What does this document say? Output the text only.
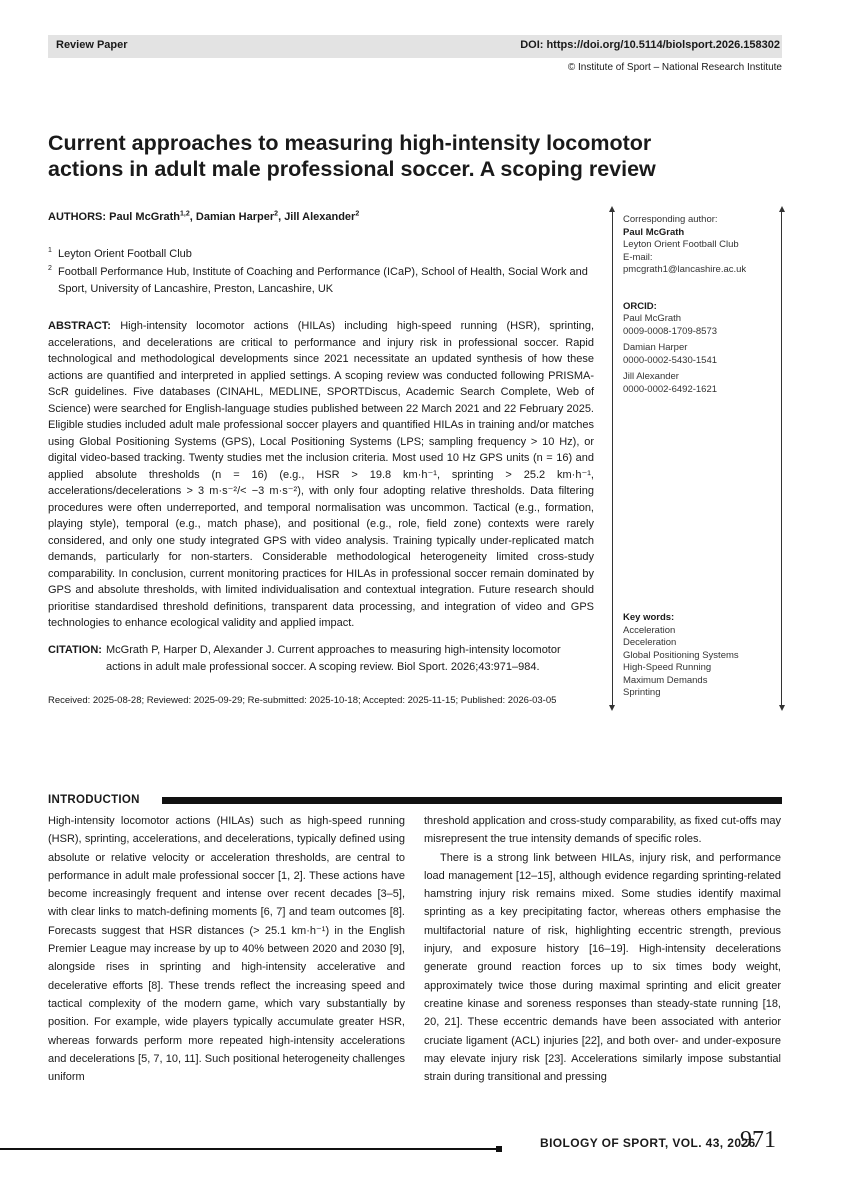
Review Paper	DOI: https://doi.org/10.5114/biolsport.2026.158302
© Institute of Sport – National Research Institute
Current approaches to measuring high-intensity locomotor
actions in adult male professional soccer. A scoping review
AUTHORS: Paul McGrath$^{1,2}$, Damian Harper$^2$, Jill Alexander$^2$
1 Leyton Orient Football Club
2 Football Performance Hub, Institute of Coaching and Performance (ICaP), School of Health, Social Work and Sport, University of Lancashire, Preston, Lancashire, UK
ABSTRACT: High-intensity locomotor actions (HILAs) including high-speed running (HSR), sprinting, accelerations, and decelerations are critical to performance and injury risk in professional soccer. Rapid technological and methodological developments since 2021 necessitate an updated synthesis of how these actions are quantified and interpreted in applied settings. A scoping review was conducted following PRISMA-ScR guidelines. Five databases (CINAHL, MEDLINE, SPORTDiscus, Academic Search Complete, Web of Science) were searched for English-language studies published between 22 March 2021 and 22 February 2025. Eligible studies included adult male professional soccer players and quantified HILAs in training and/or matches using Global Positioning Systems (GPS), Local Positioning Systems (LPS; sampling frequency > 10 Hz), or digital video-based tracking. Twenty studies met the inclusion criteria. Most used 10 Hz GPS units (n = 16) and applied absolute thresholds (n = 16) (e.g., HSR > 19.8 km·h⁻¹, sprinting > 25.2 km·h⁻¹, accelerations/decelerations > 3 m·s⁻²/< −3 m·s⁻²), with only four adopting relative thresholds. Data filtering procedures were often underreported, and temporal normalisation was uncommon. Tactical (e.g., formation, playing style), temporal (e.g., match phase), and positional (e.g., role, field zone) contexts were rarely considered, and only one study integrated GPS with video analysis. Training typically under-replicated match demands, particularly for non-starters. Considerable methodological heterogeneity limited cross-study comparability. In conclusion, current monitoring practices for HILAs in professional soccer remain dominated by GPS and absolute thresholds, with limited individualisation and contextual integration. Future research should prioritise standardised threshold definitions, transparent data processing, and integration of video and GPS technologies to enhance ecological validity and applied impact.
CITATION: McGrath P, Harper D, Alexander J. Current approaches to measuring high-intensity locomotor actions in adult male professional soccer. A scoping review. Biol Sport. 2026;43:971–984.
Received: 2025-08-28; Reviewed: 2025-09-29; Re-submitted: 2025-10-18; Accepted: 2025-11-15; Published: 2026-03-05
Corresponding author:
Paul McGrath
Leyton Orient Football Club
E-mail:
pmcgrath1@lancashire.ac.uk
ORCID:
Paul McGrath
0009-0008-1709-8573
Damian Harper
0000-0002-5430-1541
Jill Alexander
0000-0002-6492-1621
Key words:
Acceleration
Deceleration
Global Positioning Systems
High-Speed Running
Maximum Demands
Sprinting
INTRODUCTION

High-intensity locomotor actions (HILAs) such as high-speed running (HSR), sprinting, accelerations, and decelerations, typically defined using absolute or relative velocity or acceleration thresholds, are central to performance in adult male professional soccer [1, 2]. These actions have become increasingly frequent and intense over recent decades [3–5], with clear links to match-defining moments [6, 7] and team outcomes [8]. Forecasts suggest that HSR distances (> 25.1 km·h⁻¹) in the English Premier League may increase by up to 40% between 2020 and 2030 [9], alongside rises in sprinting and high-intensity accelerative and decelerative efforts [8]. These trends reflect the increasing speed and tactical complexity of the modern game, which vary substantially by position. For example, wide players typically accumulate greater HSR, whereas forwards perform more repeated high-intensity accelerations and decelerations [5, 7, 10, 11]. Such positional heterogeneity challenges uniform

threshold application and cross-study comparability, as fixed cut-offs may misrepresent the true intensity demands of specific roles.

There is a strong link between HILAs, injury risk, and performance load management [12–15], although evidence regarding sprinting-related hamstring injury risk remains mixed. Some studies identify maximal sprinting as a key precipitating factor, whereas others emphasise the multifactorial nature of risk, highlighting eccentric strength, previous injury, and exposure history [16–19]. High-intensity decelerations generate ground reaction forces up to six times body weight, approximately twice those during maximal sprinting and elicit greater creatine kinase and soreness responses than steady-state running [18, 20, 21]. These eccentric demands have been associated with anterior cruciate ligament (ACL) injuries [22], and both over- and under-exposure may elevate injury risk [23]. Accelerations similarly impose substantial strain during transitional and pressing

BIOLOGY OF SPORT, VOL. 43, 2026
971
